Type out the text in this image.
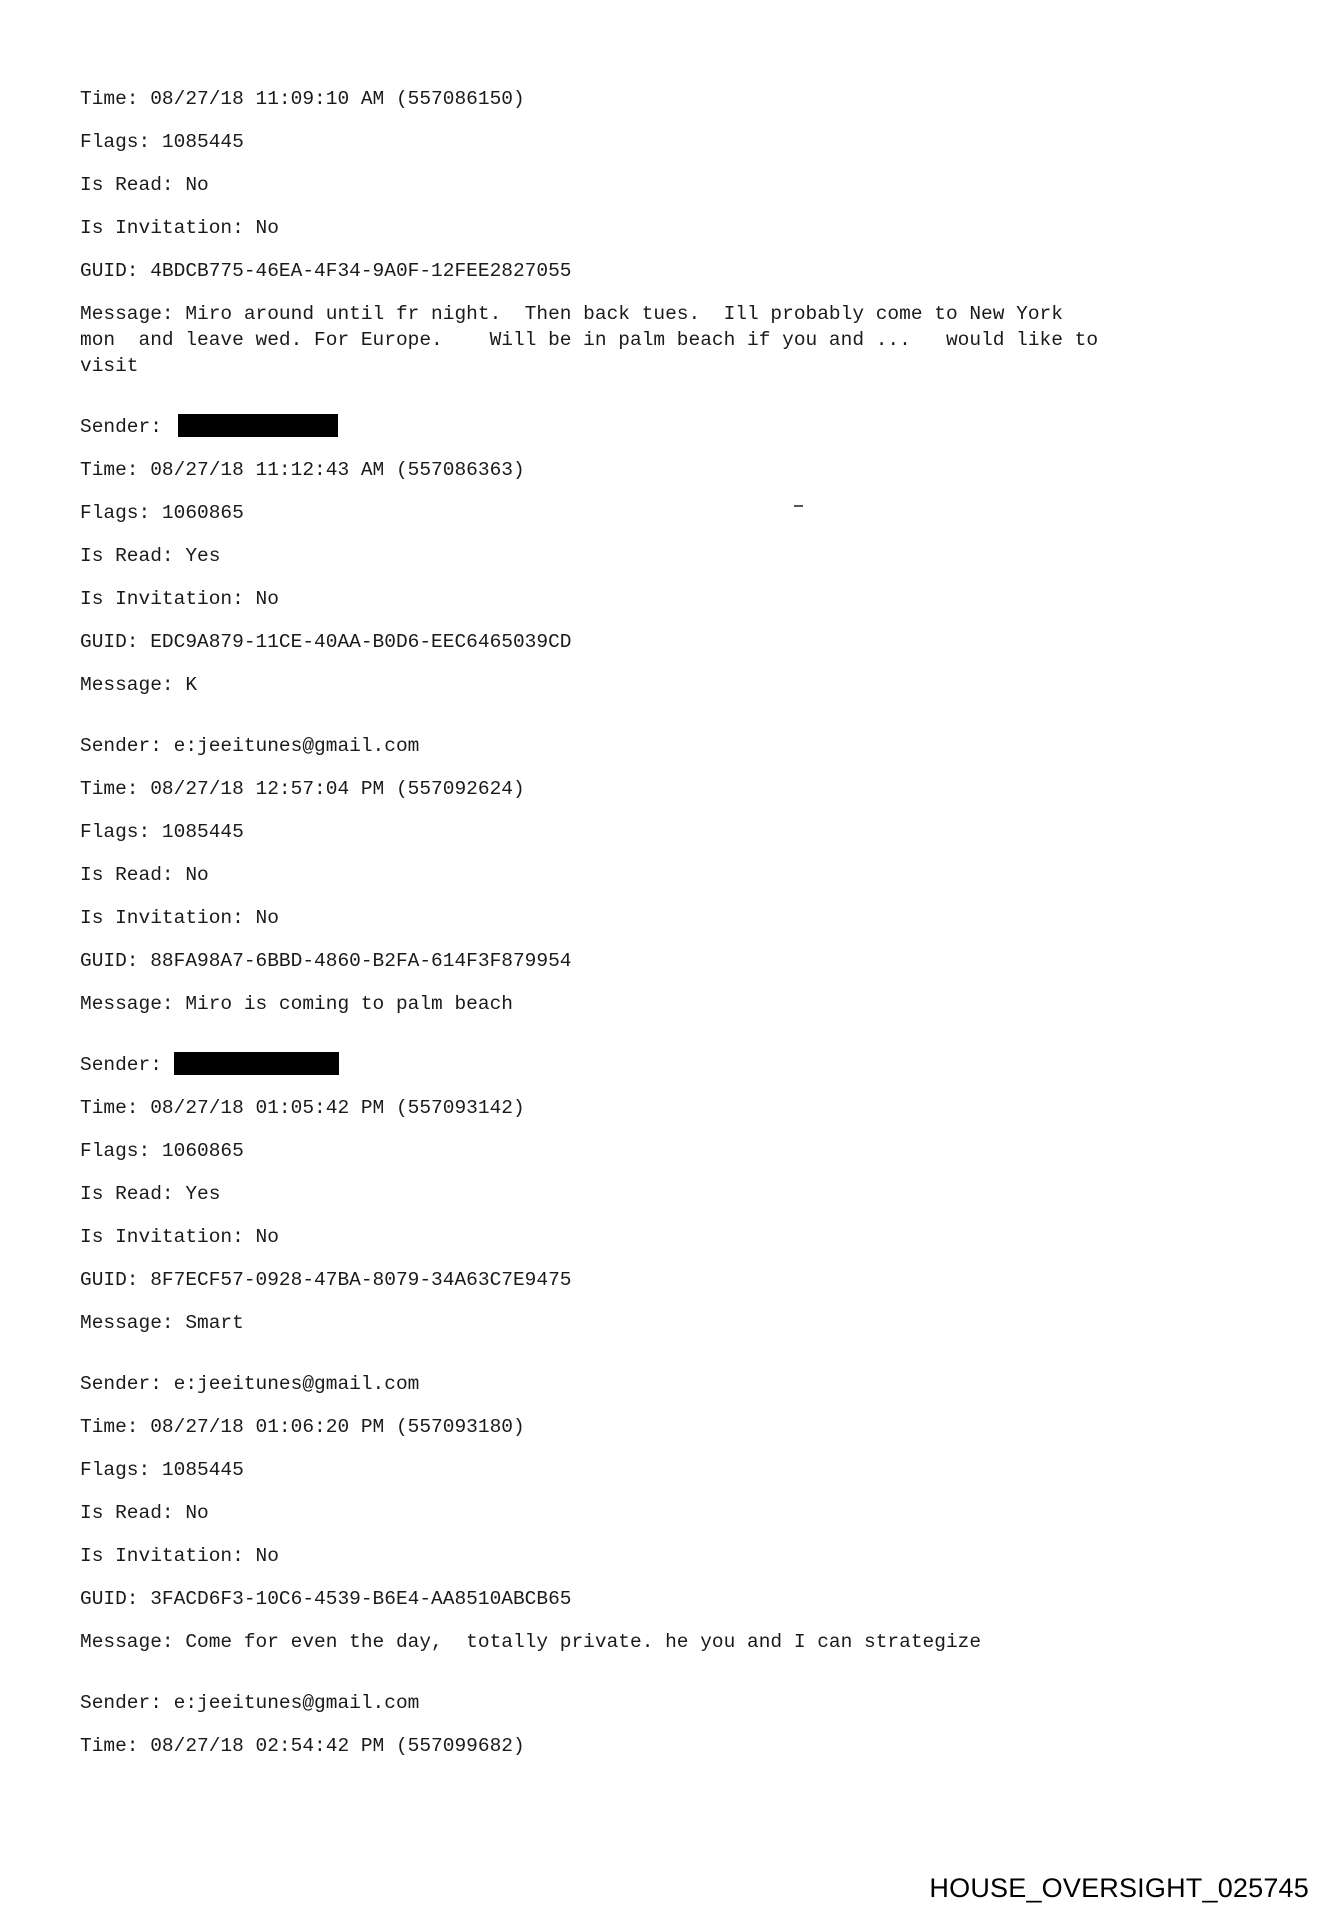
Time: 08/27/18 11:09:10 AM (557086150)
Flags: 1085445
Is Read: No
Is Invitation: No
GUID: 4BDCB775-46EA-4F34-9A0F-12FEE2827055
Message: Miro around until fr night.  Then back tues.  Ill probably come to New York
mon  and leave wed. For Europe.    Will be in palm beach if you and ...   would like to
visit
Sender:
Time: 08/27/18 11:12:43 AM (557086363)
Flags: 1060865
Is Read: Yes
Is Invitation: No
GUID: EDC9A879-11CE-40AA-B0D6-EEC6465039CD
Message: K
Sender: e:jeeitunes@gmail.com
Time: 08/27/18 12:57:04 PM (557092624)
Flags: 1085445
Is Read: No
Is Invitation: No
GUID: 88FA98A7-6BBD-4860-B2FA-614F3F879954
Message: Miro is coming to palm beach
Sender:
Time: 08/27/18 01:05:42 PM (557093142)
Flags: 1060865
Is Read: Yes
Is Invitation: No
GUID: 8F7ECF57-0928-47BA-8079-34A63C7E9475
Message: Smart
Sender: e:jeeitunes@gmail.com
Time: 08/27/18 01:06:20 PM (557093180)
Flags: 1085445
Is Read: No
Is Invitation: No
GUID: 3FACD6F3-10C6-4539-B6E4-AA8510ABCB65
Message: Come for even the day,  totally private. he you and I can strategize
Sender: e:jeeitunes@gmail.com
Time: 08/27/18 02:54:42 PM (557099682)
HOUSE_OVERSIGHT_025745
